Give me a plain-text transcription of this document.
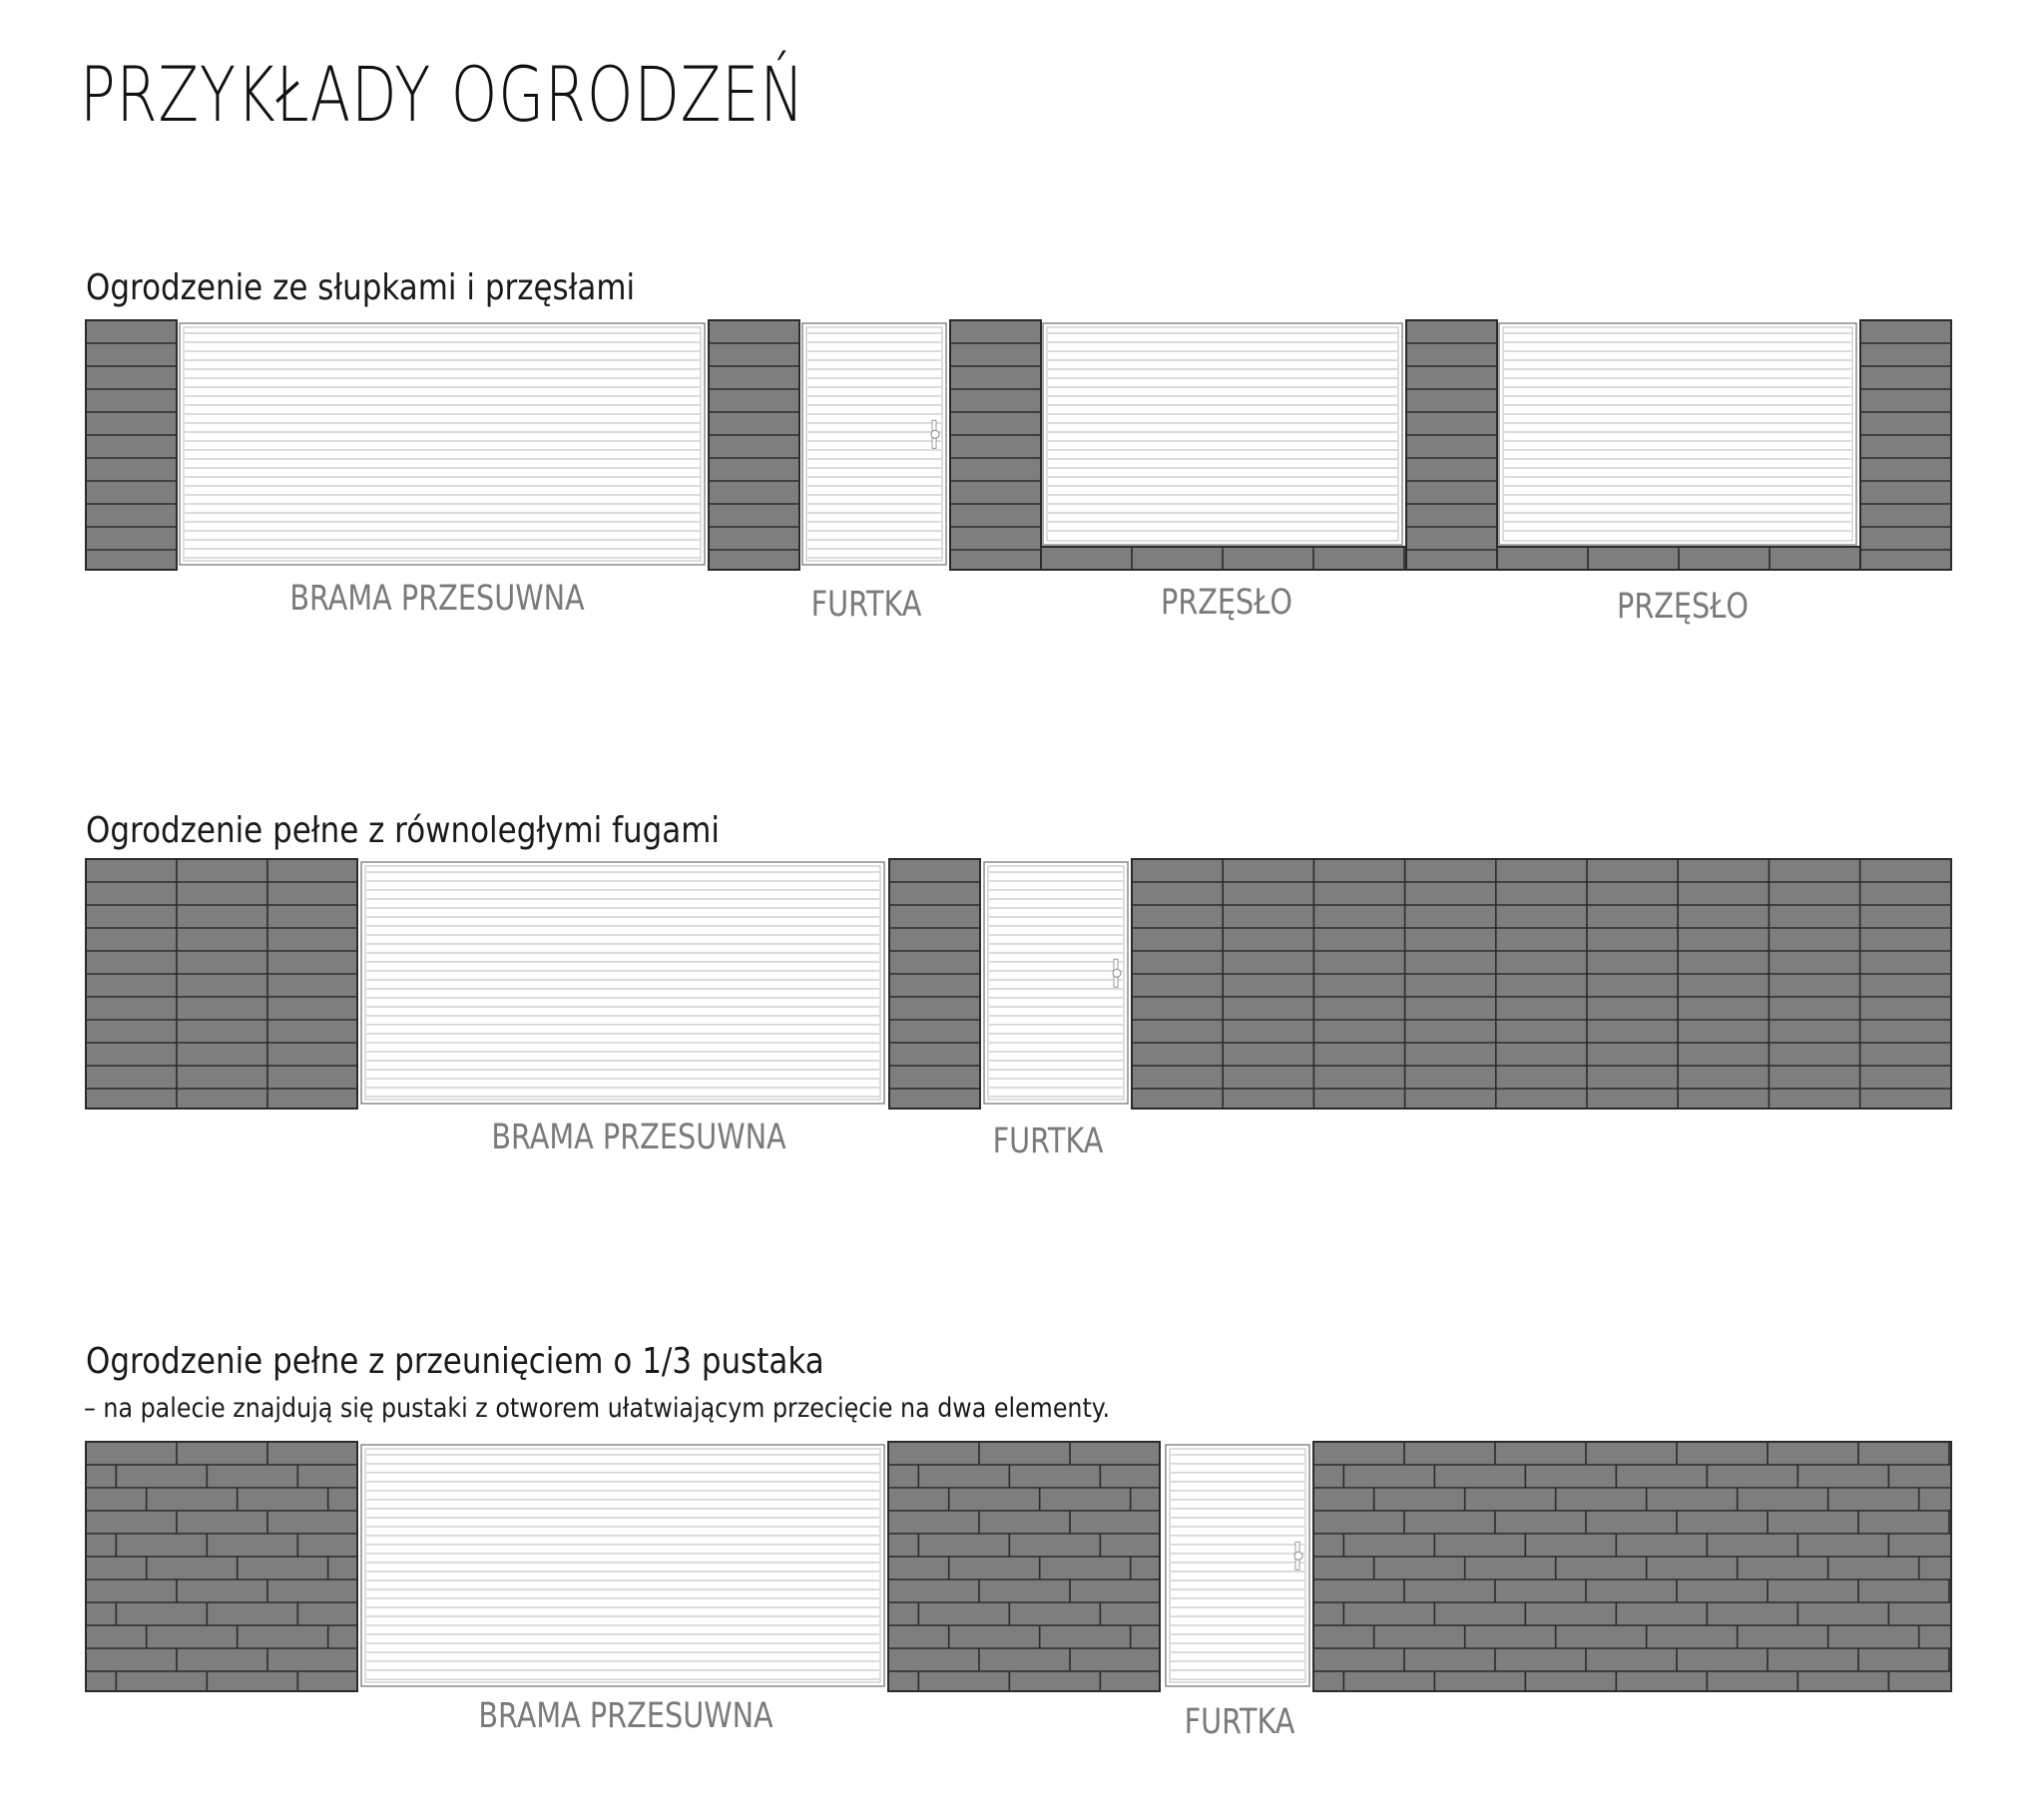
PRZYKŁADY OGRODZEŃ
Ogrodzenie ze słupkami i przęsłami
BRAMA PRZESUWNA	FURTKA	PRZĘSŁO	PRZĘSŁO
Ogrodzenie pełne z równoległymi fugami
BRAMA PRZESUWNA	FURTKA
Ogrodzenie pełne z przeunięciem o 1/3 pustaka
– na palecie znajdują się pustaki z otworem ułatwiającym przecięcie na dwa elementy.
BRAMA PRZESUWNA	FURTKA
